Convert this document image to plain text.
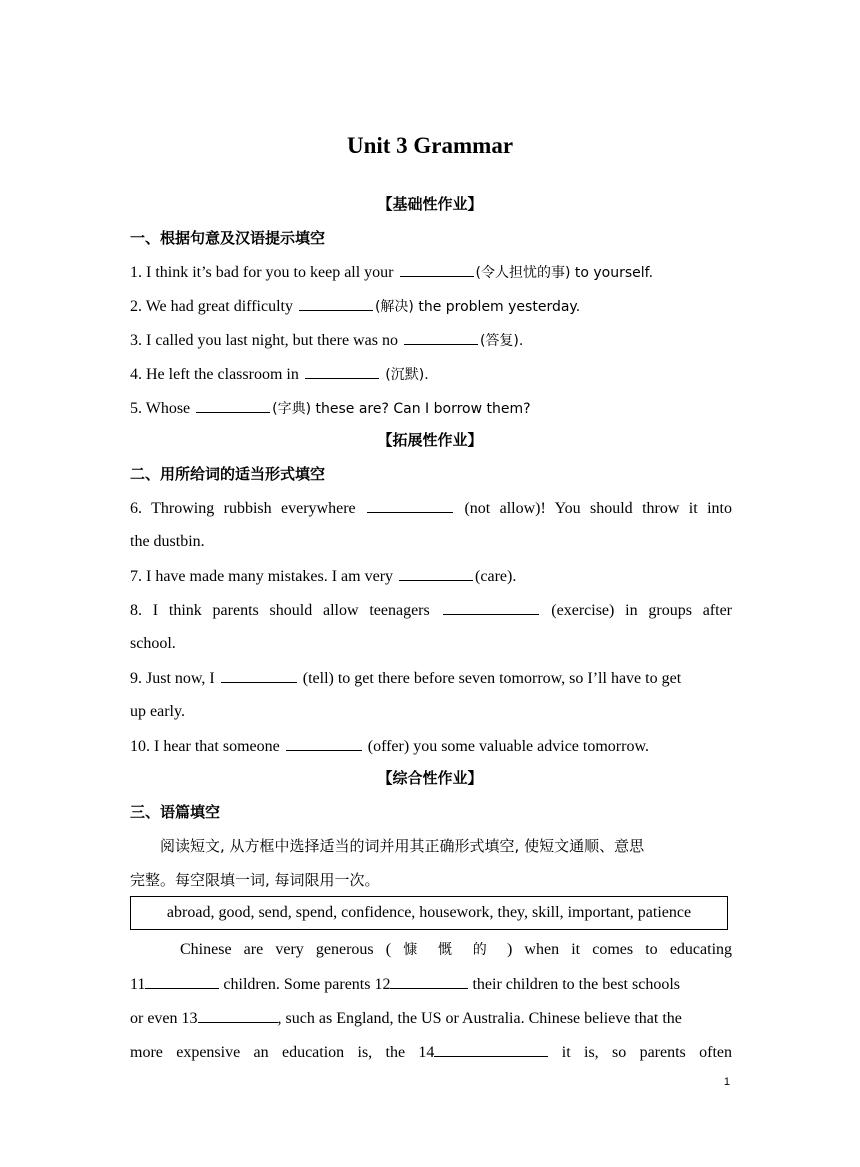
Unit 3 Grammar
【基础性作业】
一、根据句意及汉语提示填空
1. I think it’s bad for you to keep all your	(令人担忧的事) to yourself.
2. We had great difficulty	(解决) the problem yesterday.
3. I called you last night, but there was no	(答复).
4. He left the classroom in	(沉默).
5. Whose	(字典) these are? Can I borrow them?
【拓展性作业】
二、用所给词的适当形式填空
6. Throwing rubbish everywhere	(not allow)! You should throw it into
the dustbin.
7. I have made many mistakes. I am very	(care).
8. I think parents should allow teenagers	(exercise) in groups after
school.
9. Just now, I	(tell) to get there before seven tomorrow, so I’ll have to get
up early.
10. I hear that someone	(offer) you some valuable advice tomorrow.
【综合性作业】
三、语篇填空
阅读短文, 从方框中选择适当的词并用其正确形式填空, 使短文通顺、意思
完整。每空限填一词, 每词限用一次。
abroad, good, send, spend, confidence, housework, they, skill, important, patience
Chinese are very generous ( 慷 慨 的 ) when it comes to educating
11	children. Some parents 12	their children to the best schools
or even 13	, such as England, the US or Australia. Chinese believe that the
more expensive an education is, the 14	it is, so parents often
1
